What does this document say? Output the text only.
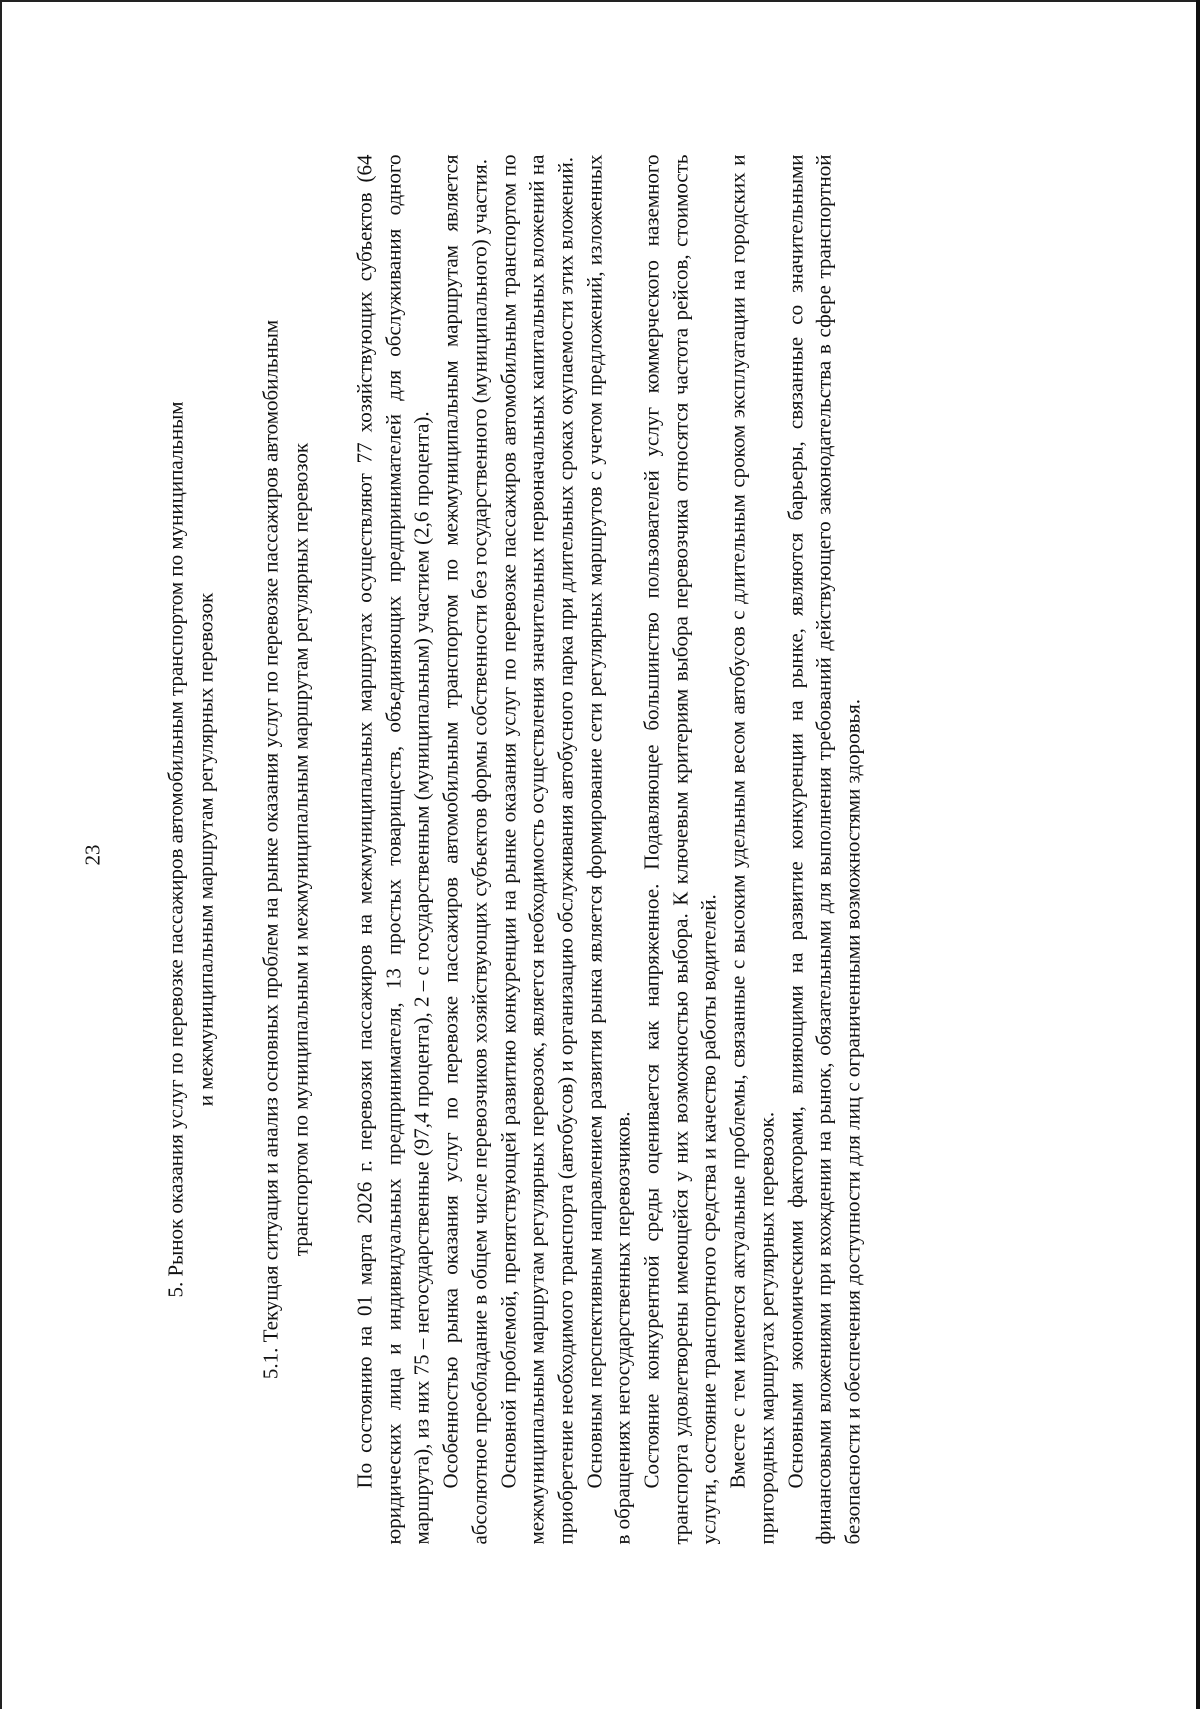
23	5. Рынок оказания услуг по перевозке пассажиров автомобильным транспортом по муниципальным и межмуниципальным маршрутам регулярных перевозок 5.1. Текущая ситуация и анализ основных проблем на рынке оказания услуг по перевозке пассажиров автомобильным транспортом по муниципальным и межмуниципальным маршрутам регулярных перевозок По состоянию на 01 марта 2026 г. перевозки пассажиров на межмуниципальных маршрутах осуществляют 77 хозяйствующих субъектов (64 юридических лица и индивидуальных предпринимателя, 13 простых товариществ, объединяющих предпринимателей для обслуживания одного маршрута), из них 75 – негосударственные (97,4 процента), 2 – с государственным (муниципальным) участием (2,6 процента). Особенностью рынка оказания услуг по перевозке пассажиров автомобильным транспортом по межмуниципальным маршрутам является абсолютное преобладание в общем числе перевозчиков хозяйствующих субъектов формы собственности без государственного (муниципального) участия. Основной проблемой, препятствующей развитию конкуренции на рынке оказания услуг по перевозке пассажиров автомобильным транспортом по межмуниципальным маршрутам регулярных перевозок, является необходимость осуществления значительных первоначальных капитальных вложений на приобретение необходимого транспорта (автобусов) и организацию обслуживания автобусного парка при длительных сроках окупаемости этих вложений. Основным перспективным направлением развития рынка является формирование сети регулярных маршрутов с учетом предложений, изложенных в обращениях негосударственных перевозчиков. Состояние конкурентной среды оценивается как напряженное. Подавляющее большинство пользователей услуг коммерческого наземного транспорта удовлетворены имеющейся у них возможностью выбора. К ключевым критериям выбора перевозчика относятся частота рейсов, стоимость услуги, состояние транспортного средства и качество работы водителей. Вместе с тем имеются актуальные проблемы, связанные с высоким удельным весом автобусов с длительным сроком эксплуатации на городских и пригородных маршрутах регулярных перевозок. Основными экономическими факторами, влияющими на развитие конкуренции на рынке, являются барьеры, связанные со значительными финансовыми вложениями при вхождении на рынок, обязательными для выполнения требований действующего законодательства в сфере транспортной безопасности и обеспечения доступности для лиц с ограниченными возможностями здоровья.
